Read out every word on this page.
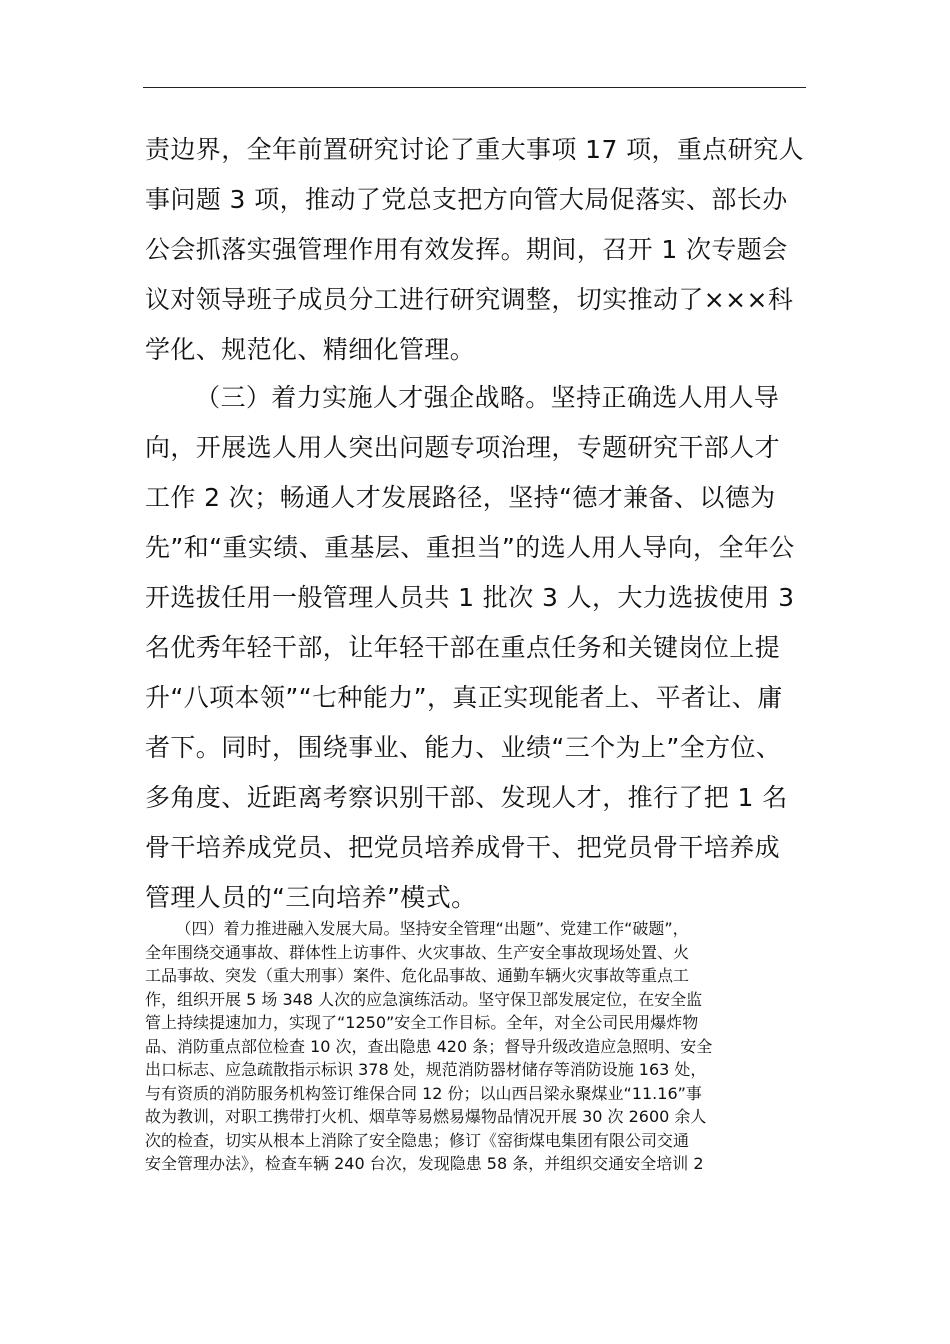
责边界，全年前置研究讨论了重大事项 17 项，重点研究人
事问题 3 项，推动了党总支把方向管大局促落实、部长办
公会抓落实强管理作用有效发挥。期间，召开 1 次专题会
议对领导班子成员分工进行研究调整，切实推动了×××科
学化、规范化、精细化管理。
（三）着力实施人才强企战略。坚持正确选人用人导
向，开展选人用人突出问题专项治理，专题研究干部人才
工作 2 次；畅通人才发展路径，坚持“德才兼备、以德为
先”和“重实绩、重基层、重担当”的选人用人导向，全年公
开选拔任用一般管理人员共 1 批次 3 人，大力选拔使用 3
名优秀年轻干部，让年轻干部在重点任务和关键岗位上提
升“八项本领”“七种能力”，真正实现能者上、平者让、庸
者下。同时，围绕事业、能力、业绩“三个为上”全方位、
多角度、近距离考察识别干部、发现人才，推行了把 1 名
骨干培养成党员、把党员培养成骨干、把党员骨干培养成
管理人员的“三向培养”模式。
（四）着力推进融入发展大局。坚持安全管理“出题”、党建工作“破题”，
全年围绕交通事故、群体性上访事件、火灾事故、生产安全事故现场处置、火
工品事故、突发（重大刑事）案件、危化品事故、通勤车辆火灾事故等重点工
作，组织开展 5 场 348 人次的应急演练活动。坚守保卫部发展定位，在安全监
管上持续提速加力，实现了“1250”安全工作目标。全年，对全公司民用爆炸物
品、消防重点部位检查 10 次，查出隐患 420 条；督导升级改造应急照明、安全
出口标志、应急疏散指示标识 378 处，规范消防器材储存等消防设施 163 处，
与有资质的消防服务机构签订维保合同 12 份；以山西吕梁永聚煤业“11.16”事
故为教训，对职工携带打火机、烟草等易燃易爆物品情况开展 30 次 2600 余人
次的检查，切实从根本上消除了安全隐患；修订《窑街煤电集团有限公司交通
安全管理办法》，检查车辆 240 台次，发现隐患 58 条，并组织交通安全培训 2
